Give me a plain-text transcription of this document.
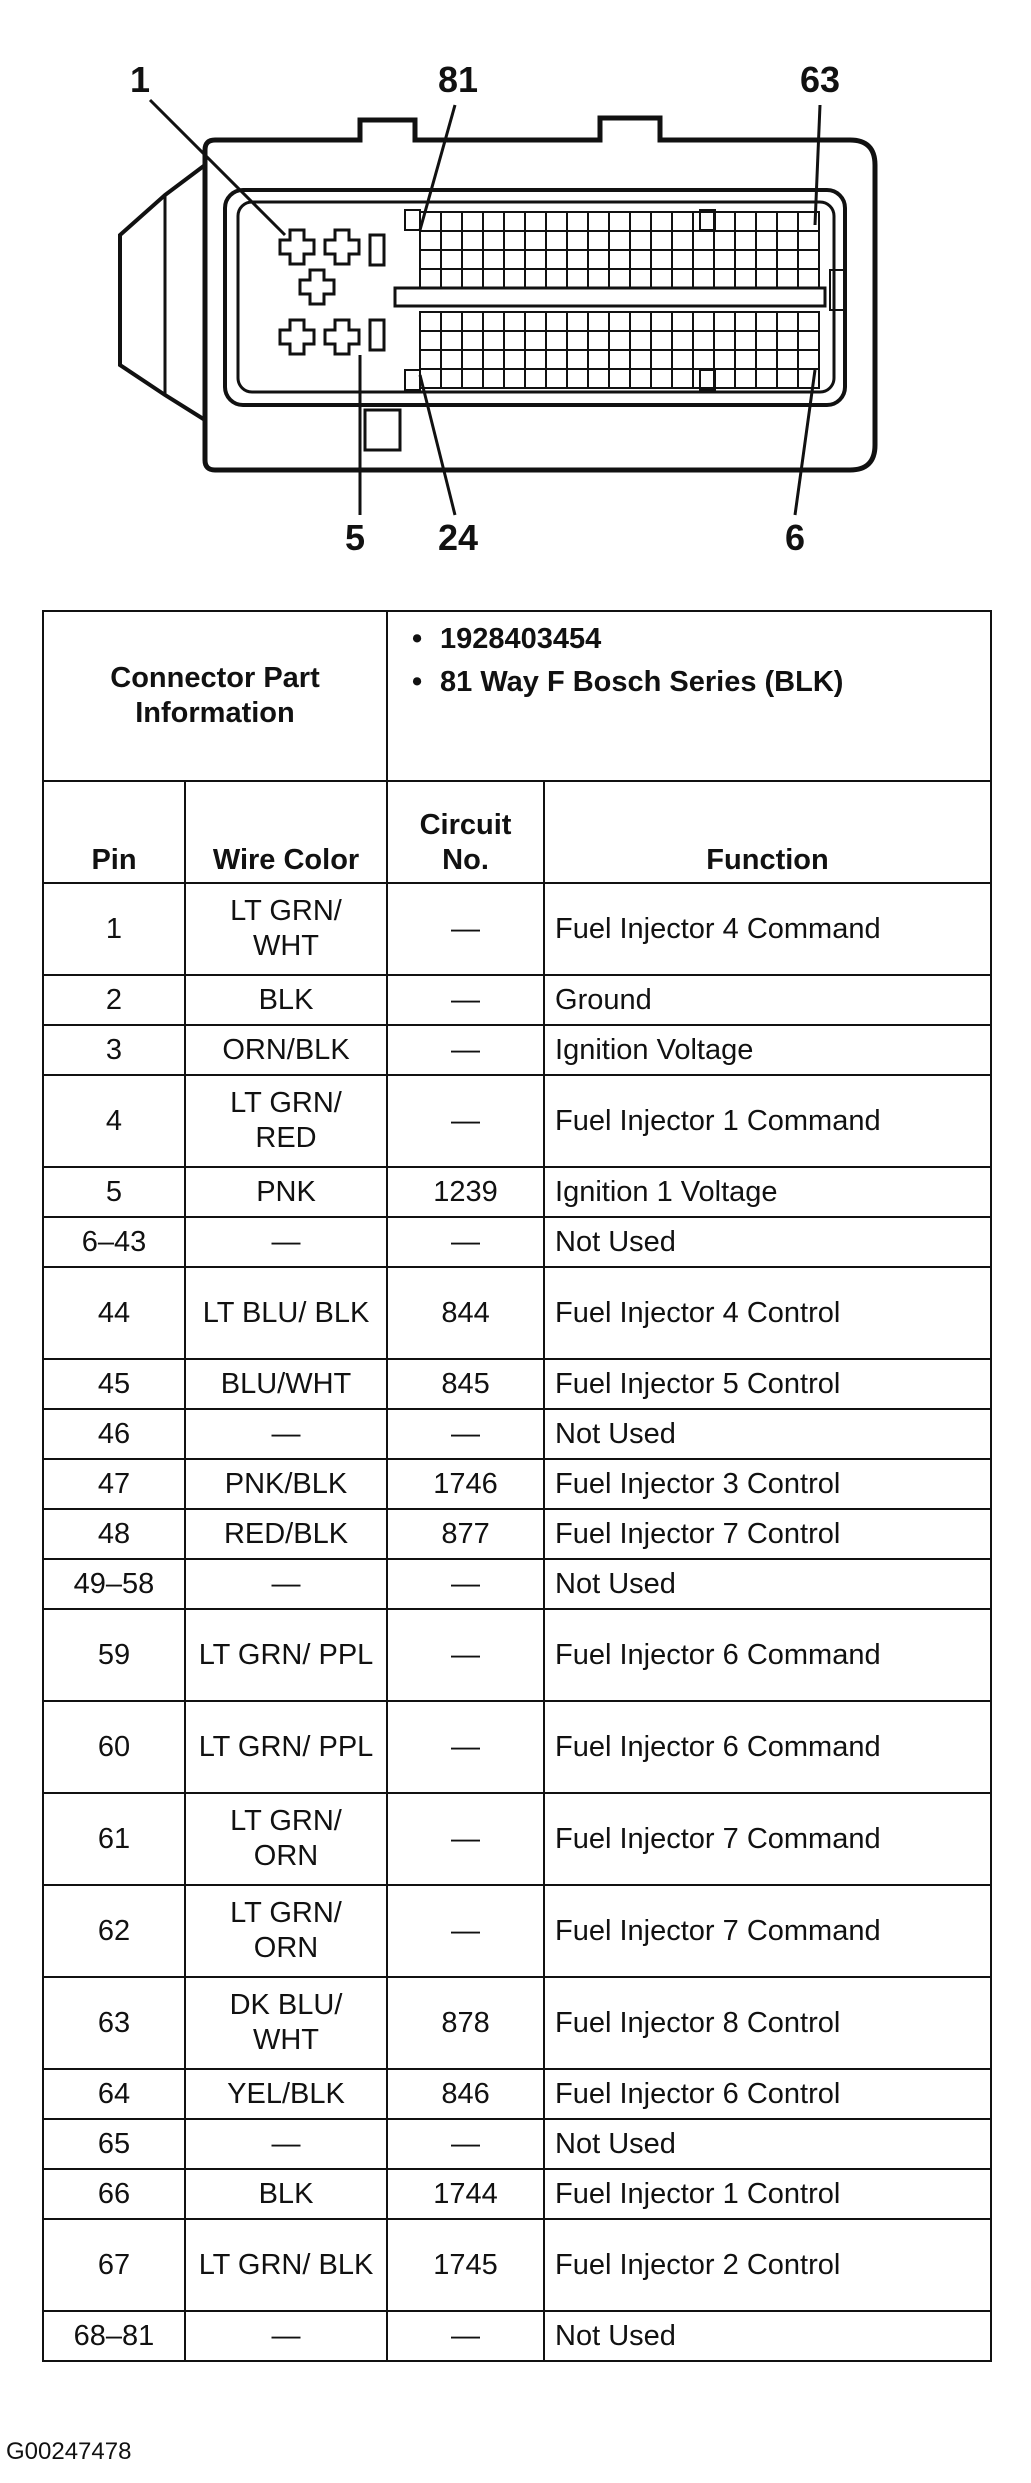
1	81	63
5 24	6
Connector Part Information		• 1928403454
• 81 Way F Bosch Series (BLK)

Pin	Wire Color	Circuit No.	Function
1	LT GRN/ WHT	—	Fuel Injector 4 Command
2	BLK	—	Ground
3	ORN/BLK	—	Ignition Voltage
4	LT GRN/ RED	—	Fuel Injector 1 Command
5	PNK	1239	Ignition 1 Voltage
6–43	—	—	Not Used
44	LT BLU/ BLK	844	Fuel Injector 4 Control
45	BLU/WHT	845	Fuel Injector 5 Control
46	—	—	Not Used
47	PNK/BLK	1746	Fuel Injector 3 Control
48	RED/BLK	877	Fuel Injector 7 Control
49–58	—	—	Not Used
59	LT GRN/ PPL	—	Fuel Injector 6 Command
60	LT GRN/ PPL	—	Fuel Injector 6 Command
61	LT GRN/ ORN	—	Fuel Injector 7 Command
62	LT GRN/ ORN	—	Fuel Injector 7 Command
63	DK BLU/ WHT	878	Fuel Injector 8 Control
64	YEL/BLK	846	Fuel Injector 6 Control
65	—	—	Not Used
66	BLK	1744	Fuel Injector 1 Control
67	LT GRN/ BLK	1745	Fuel Injector 2 Control
68–81	—	—	Not Used
G00247478
